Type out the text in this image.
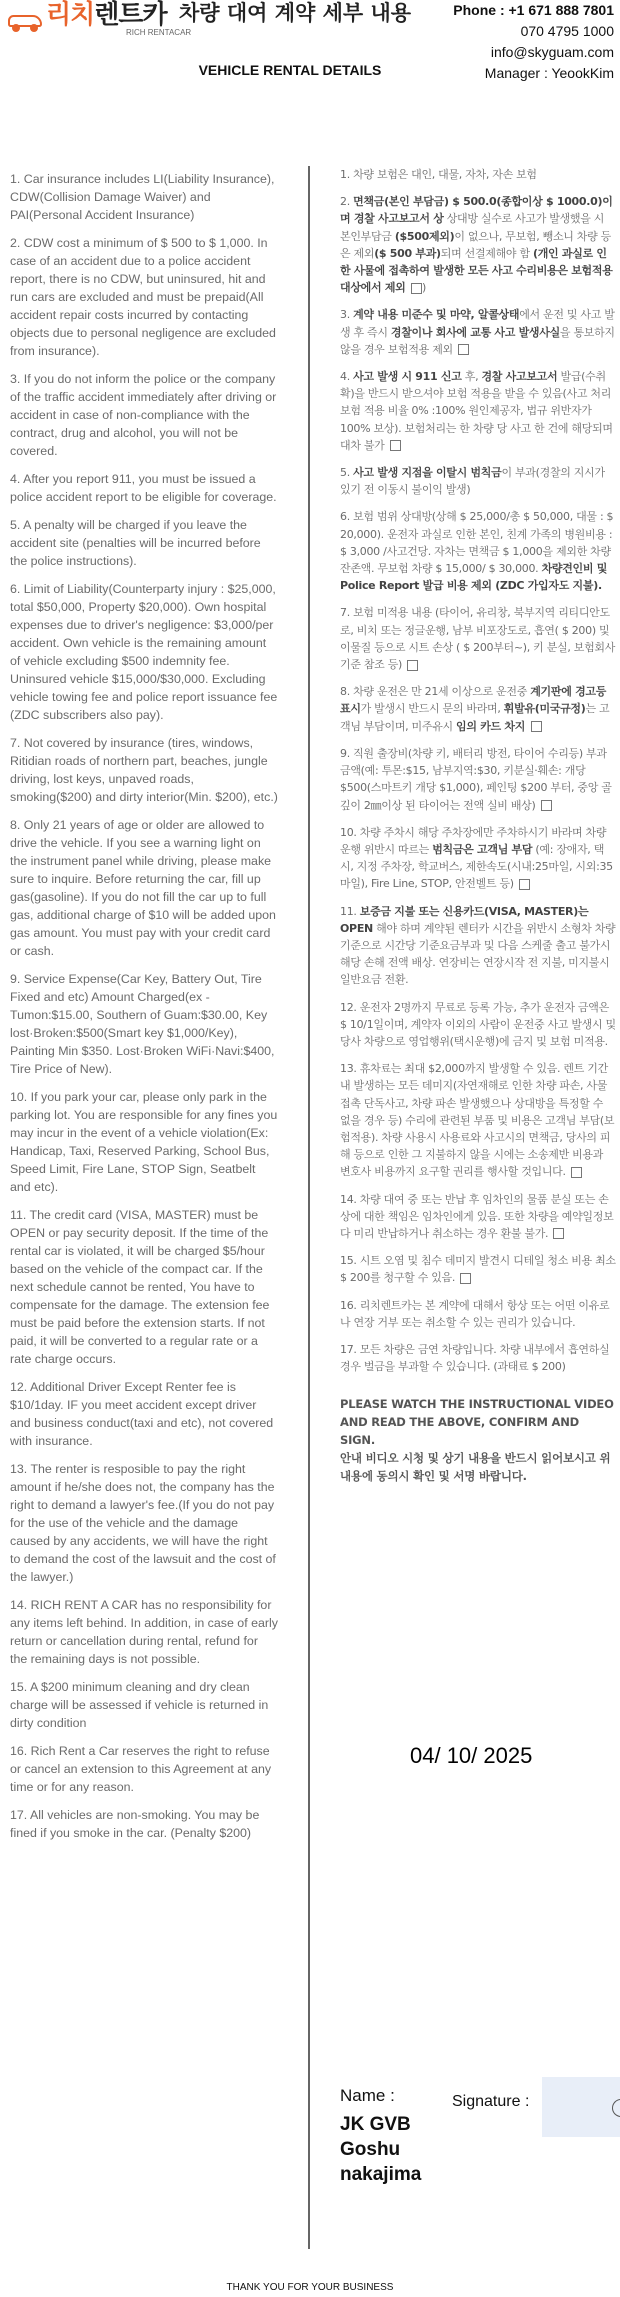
리치렌트카
RICH RENTACAR
차량 대여 계약 세부 내용
VEHICLE RENTAL DETAILS
Phone : +1 671 888 7801
070 4795 1000
info@skyguam.com
Manager : YeookKim
1. Car insurance includes LI(Liability Insurance), CDW(Collision Damage Waiver) and PAI(Personal Accident Insurance)
2. CDW cost a minimum of $ 500 to $ 1,000. In case of an accident due to a police accident report, there is no CDW, but uninsured, hit and run cars are excluded and must be prepaid(All accident repair costs incurred by contacting objects due to personal negligence are excluded from insurance).
3. If you do not inform the police or the company of the traffic accident immediately after driving or accident in case of non-compliance with the contract, drug and alcohol, you will not be covered.
4. After you report 911, you must be issued a police accident report to be eligible for coverage.
5. A penalty will be charged if you leave the accident site (penalties will be incurred before the police instructions).
6. Limit of Liability(Counterparty injury : $25,000, total $50,000, Property $20,000). Own hospital expenses due to driver's negligence: $3,000/per accident. Own vehicle is the remaining amount of vehicle excluding $500 indemnity fee. Uninsured vehicle $15,000/$30,000. Excluding vehicle towing fee and police report issuance fee (ZDC subscribers also pay).
7. Not covered by insurance (tires, windows, Ritidian roads of northern part, beaches, jungle driving, lost keys, unpaved roads, smoking($200) and dirty interior(Min. $200), etc.)
8. Only 21 years of age or older are allowed to drive the vehicle. If you see a warning light on the instrument panel while driving, please make sure to inquire. Before returning the car, fill up gas(gasoline). If you do not fill the car up to full gas, additional charge of $10 will be added upon gas amount. You must pay with your credit card or cash.
9. Service Expense(Car Key, Battery Out, Tire Fixed and etc) Amount Charged(ex - Tumon:$15.00, Southern of Guam:$30.00, Key lost·Broken:$500(Smart key $1,000/Key), Painting Min $350. Lost·Broken WiFi·Navi:$400, Tire Price of New).
10. If you park your car, please only park in the parking lot. You are responsible for any fines you may incur in the event of a vehicle violation(Ex: Handicap, Taxi, Reserved Parking, School Bus, Speed Limit, Fire Lane, STOP Sign, Seatbelt and etc).
11. The credit card (VISA, MASTER) must be OPEN or pay security deposit. If the time of the rental car is violated, it will be charged $5/hour based on the vehicle of the compact car. If the next schedule cannot be rented, You have to compensate for the damage. The extension fee must be paid before the extension starts. If not paid, it will be converted to a regular rate or a rate charge occurs.
12. Additional Driver Except Renter fee is $10/1day. IF you meet accident except driver and business conduct(taxi and etc), not covered with insurance.
13. The renter is resposible to pay the right amount if he/she does not, the company has the right to demand a lawyer's fee.(If you do not pay for the use of the vehicle and the damage caused by any accidents, we will have the right to demand the cost of the lawsuit and the cost of the lawyer.)
14. RICH RENT A CAR has no responsibility for any items left behind. In addition, in case of early return or cancellation during rental, refund for the remaining days is not possible.
15. A $200 minimum cleaning and dry clean charge will be assessed if vehicle is returned in dirty condition
16. Rich Rent a Car reserves the right to refuse or cancel an extension to this Agreement at any time or for any reason.
17. All vehicles are non-smoking. You may be fined if you smoke in the car. (Penalty $200)
1. 차량 보험은 대인, 대물, 자차, 자손 보험
2. 면책금(본인 부담금) $ 500.0(종합이상 $ 1000.0)이며 경찰 사고보고서 상 상대방 실수로 사고가 발생했을 시 본인부담금 ($500제외)이 없으나, 무보험, 뺑소니 차량 등은 제외($ 500 부과)되며 선결제해야 함 (개인 과실로 인한 사물에 접촉하여 발생한 모든 사고 수리비용은 보험적용 대상에서 제외 )
3. 계약 내용 미준수 및 마약, 알콜상태에서 운전 및 사고 발생 후 즉시 경찰이나 회사에 교통 사고 발생사실을 통보하지 않을 경우 보험적용 제외
4. 사고 발생 시 911 신고 후, 경찰 사고보고서 발급(수취확)을 반드시 받으셔야 보험 적용을 받을 수 있음(사고 처리 보험 적용 비율 0% :100% 원인제공자, 법규 위반자가 100% 보상). 보험처리는 한 차량 당 사고 한 건에 해당되며 대차 불가
5. 사고 발생 지점을 이탈시 범칙금이 부과(경찰의 지시가 있기 전 이동시 불이익 발생)
6. 보험 범위 상대방(상해 $ 25,000/총 $ 50,000, 대물 : $ 20,000). 운전자 과실로 인한 본인, 친계 가족의 병원비용 : $ 3,000 /사고건당. 자차는 면책금 $ 1,000을 제외한 차량 잔존액. 무보험 차량 $ 15,000/ $ 30,000. 차량견인비 및 Police Report 발급 비용 제외 (ZDC 가입자도 지불).
7. 보험 미적용 내용 (타이어, 유리창, 북부지역 리티디안도로, 비치 또는 정글운행, 남부 비포장도로, 흡연( $ 200) 및 이물질 등으로 시트 손상 ( $ 200부터~), 키 분실, 보험회사 기준 참조 등)
8. 차량 운전은 만 21세 이상으로 운전중 계기판에 경고등표시가 발생시 반드시 문의 바라며, 휘발유(미국규정)는 고객님 부담이며, 미주유시 임의 카드 차지
9. 직원 출장비(차량 키, 배터리 방전, 타이어 수리등) 부과금액(예: 투몬:$15, 남부지역:$30, 키분실·훼손: 개당 $500(스마트키 개당 $1,000), 페인팅 $200 부터, 중앙 골 깊이 2㎜이상 된 타이어는 전액 실비 배상)
10. 차량 주차시 해당 주차장에만 주차하시기 바라며 차량 운행 위반시 따르는 범칙금은 고객님 부담 (예: 장애자, 택시, 지정 주차장, 학교버스, 제한속도(시내:25마일, 시외:35마일), Fire Line, STOP, 안전벨트 등)
11. 보증금 지불 또는 신용카드(VISA, MASTER)는OPEN 해야 하며 계약된 렌터카 시간을 위반시 소형차 차량 기준으로 시간당 기준요금부과 및 다음 스케줄 출고 불가시 해당 손해 전액 배상. 연장비는 연장시작 전 지불, 미지불시 일반요금 전환.
12. 운전자 2명까지 무료로 등록 가능, 추가 운전자 금액은 $ 10/1일이며, 계약자 이외의 사람이 운전중 사고 발생시 및 당사 차량으로 영업행위(택시운행)에 금지 및 보험 미적용.
13. 휴차료는 최대 $2,000까지 발생할 수 있음. 렌트 기간 내 발생하는 모든 데미지(자연재해로 인한 차량 파손, 사물 접촉 단독사고, 차량 파손 발생했으나 상대방을 특정할 수 없을 경우 등) 수리에 관련된 부품 및 비용은 고객님 부담(보험적용). 차량 사용시 사용료와 사고시의 면책금, 당사의 피해 등으로 인한 그 지불하지 않을 시에는 소송제반 비용과 변호사 비용까지 요구할 권리를 행사할 것입니다.
14. 차량 대여 중 또는 반납 후 임차인의 물품 분실 또는 손상에 대한 책임은 임차인에게 있음. 또한 차량을 예약일정보다 미리 반납하거나 취소하는 경우 환불 불가.
15. 시트 오염 및 침수 데미지 발견시 디테일 청소 비용 최소 $ 200를 청구할 수 있음.
16. 리치렌트카는 본 계약에 대해서 항상 또는 어떤 이유로나 연장 거부 또는 취소할 수 있는 권리가 있습니다.
17. 모든 차량은 금연 차량입니다. 차량 내부에서 흡연하실 경우 벌금을 부과할 수 있습니다. (과태료 $ 200)
PLEASE WATCH THE INSTRUCTIONAL VIDEO AND READ THE ABOVE, CONFIRM AND SIGN.
안내 비디오 시청 및 상기 내용을 반드시 읽어보시고 위 내용에 동의시 확인 및 서명 바랍니다.
04/ 10/ 2025
Name :
JK GVB Goshu nakajima
Signature :
THANK YOU FOR YOUR BUSINESS
